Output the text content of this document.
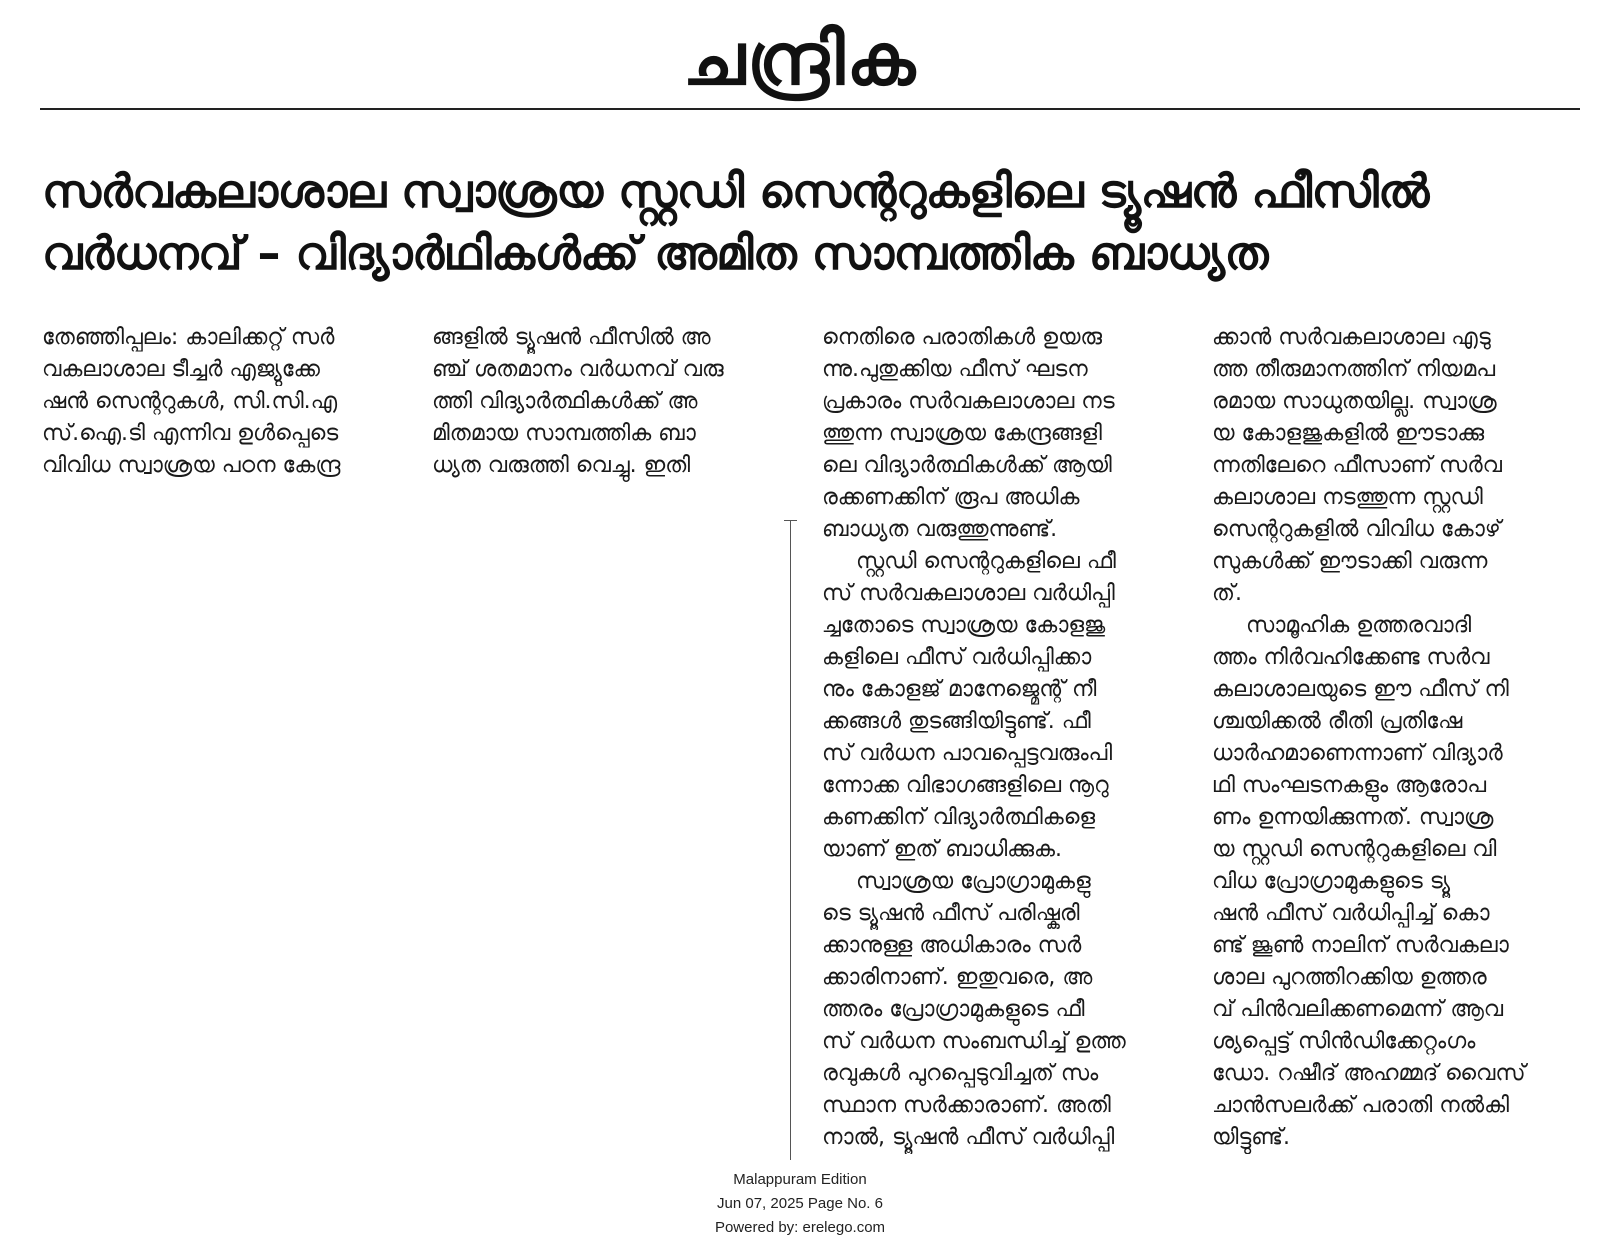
ചന്ദ്രിക
സർവകലാശാല സ്വാശ്രയ സ്റ്റഡി സെന്ററുകളിലെ ട്യൂഷൻ ഫീസിൽ
വർധനവ് – വിദ്യാർഥികൾക്ക് അമിത സാമ്പത്തിക ബാധ്യത
തേഞ്ഞിപ്പലം: കാലിക്കറ്റ് സർ
വകലാശാല ടീച്ചർ എജ്യുക്കേ
ഷൻ സെന്ററുകൾ, സി.സി.എ
സ്.ഐ.ടി എന്നിവ ഉൾപ്പെടെ
വിവിധ സ്വാശ്രയ പഠന കേന്ദ്ര
ങ്ങളിൽ ട്യൂഷൻ ഫീസിൽ അ
ഞ്ച് ശതമാനം വർധനവ് വരു
ത്തി വിദ്യാർത്ഥികൾക്ക് അ
മിതമായ സാമ്പത്തിക ബാ
ധ്യത വരുത്തി വെച്ചു. ഇതി
നെതിരെ പരാതികൾ ഉയരു
ന്നു.പുതുക്കിയ ഫീസ് ഘടന
പ്രകാരം സർവകലാശാല നട
ത്തുന്ന സ്വാശ്രയ കേന്ദ്രങ്ങളി
ലെ വിദ്യാർത്ഥികൾക്ക് ആയി
രക്കണക്കിന് രൂപ അധിക
ബാധ്യത വരുത്തുന്നുണ്ട്.
സ്റ്റഡി സെന്ററുകളിലെ ഫീ
സ് സർവകലാശാല വർധിപ്പി
ച്ചതോടെ സ്വാശ്രയ കോളജു
കളിലെ ഫീസ് വർധിപ്പിക്കാ
നും കോളജ് മാനേജ്മെന്റ് നീ
ക്കങ്ങൾ തുടങ്ങിയിട്ടുണ്ട്. ഫീ
സ് വർധന പാവപ്പെട്ടവരുംപി
ന്നോക്ക വിഭാഗങ്ങളിലെ നൂറു
കണക്കിന് വിദ്യാർത്ഥികളെ
യാണ് ഇത് ബാധിക്കുക.
സ്വാശ്രയ പ്രോഗ്രാമുകളു
ടെ ട്യൂഷൻ ഫീസ് പരിഷ്കരി
ക്കാനുള്ള അധികാരം സർ
ക്കാരിനാണ്. ഇതുവരെ, അ
ത്തരം പ്രോഗ്രാമുകളുടെ ഫീ
സ് വർധന സംബന്ധിച്ച് ഉത്ത
രവുകൾ പുറപ്പെടുവിച്ചത് സം
സ്ഥാന സർക്കാരാണ്. അതി
നാൽ, ട്യൂഷൻ ഫീസ് വർധിപ്പി
ക്കാൻ സർവകലാശാല എടു
ത്ത തീരുമാനത്തിന് നിയമപ
രമായ സാധുതയില്ല. സ്വാശ്ര
യ കോളജുകളിൽ ഈടാക്കു
ന്നതിലേറെ ഫീസാണ് സർവ
കലാശാല നടത്തുന്ന സ്റ്റഡി
സെന്ററുകളിൽ വിവിധ കോഴ്
സുകൾക്ക് ഈടാക്കി വരുന്ന
ത്.
സാമൂഹിക ഉത്തരവാദി
ത്തം നിർവഹിക്കേണ്ട സർവ
കലാശാലയുടെ ഈ ഫീസ് നി
ശ്ചയിക്കൽ രീതി പ്രതിഷേ
ധാർഹമാണെന്നാണ് വിദ്യാർ
ഥി സംഘടനകളും ആരോപ
ണം ഉന്നയിക്കുന്നത്. സ്വാശ്ര
യ സ്റ്റഡി സെന്ററുകളിലെ വി
വിധ പ്രോഗ്രാമുകളുടെ ട്യൂ
ഷൻ ഫീസ് വർധിപ്പിച്ച് കൊ
ണ്ട് ജൂൺ നാലിന് സർവകലാ
ശാല പുറത്തിറക്കിയ ഉത്തര
വ് പിൻവലിക്കണമെന്ന് ആവ
ശ്യപ്പെട്ട് സിൻഡിക്കേറ്റംഗം
ഡോ. റഷീദ് അഹമ്മദ് വൈസ്
ചാൻസലർക്ക് പരാതി നൽകി
യിട്ടുണ്ട്.
Malappuram Edition
Jun 07, 2025 Page No. 6
Powered by: erelego.com
